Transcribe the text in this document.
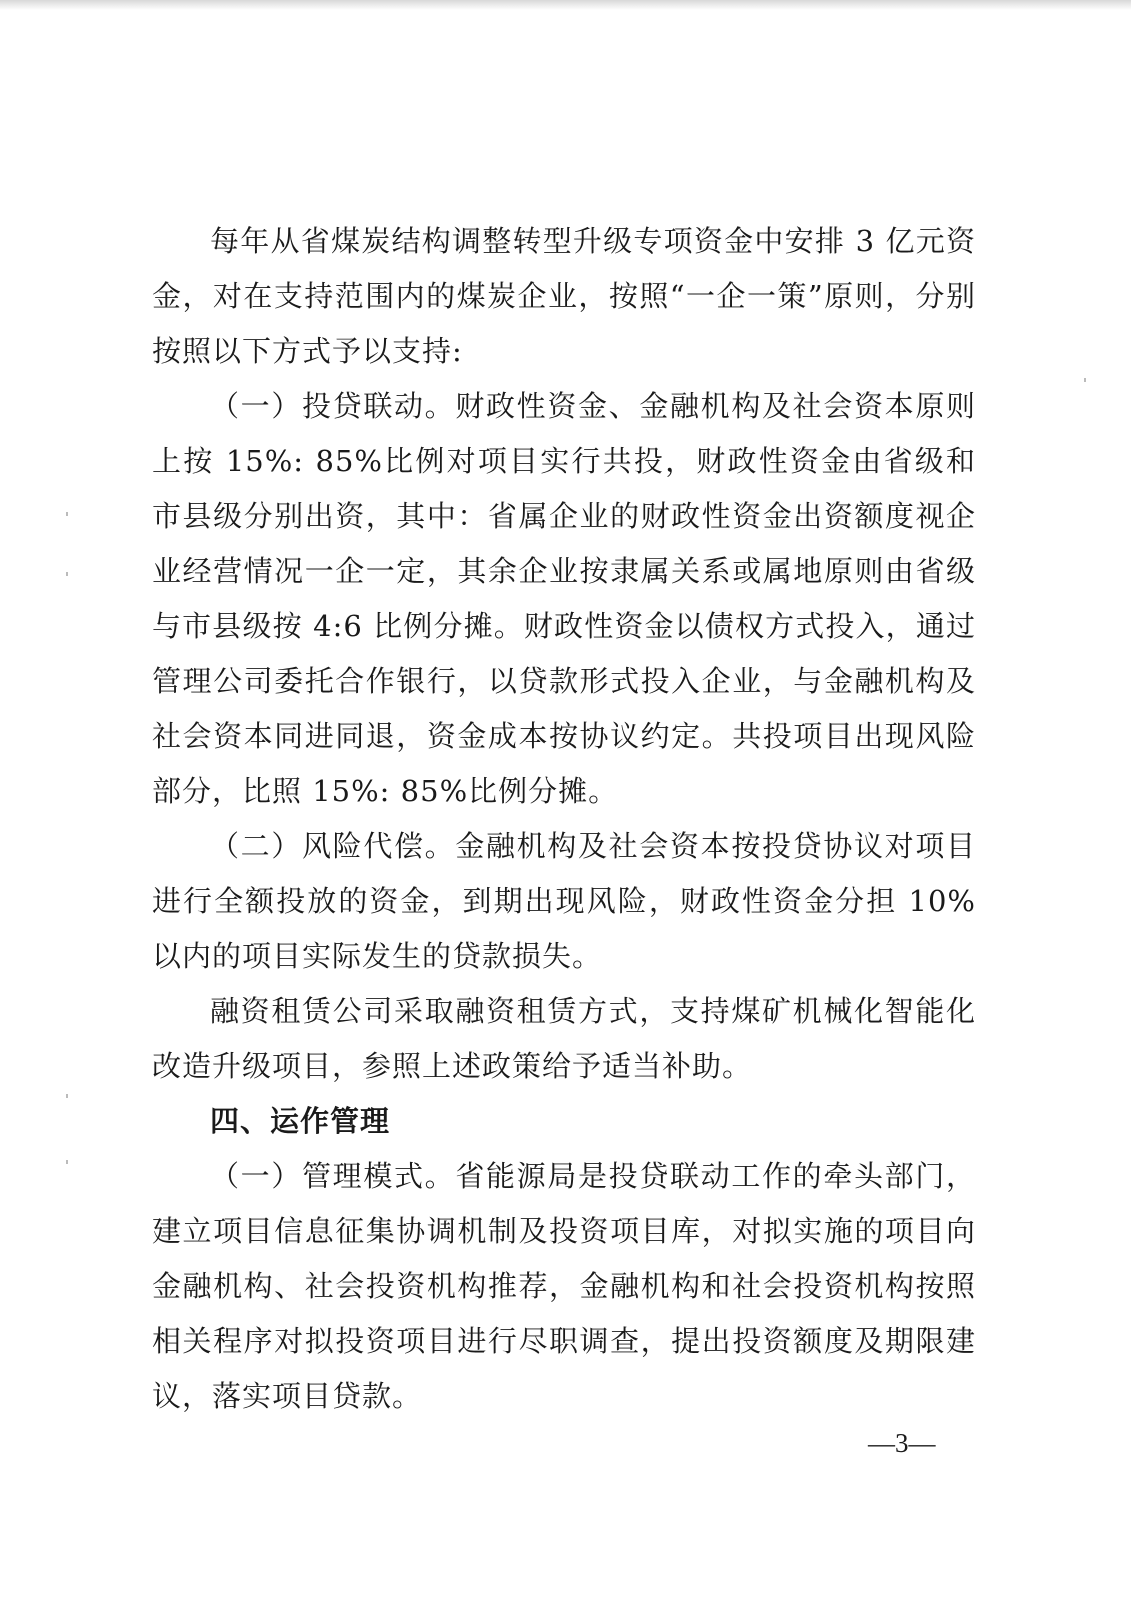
每年从省煤炭结构调整转型升级专项资金中安排 3 亿元资金，对在支持范围内的煤炭企业，按照“一企一策”原则，分别按照以下方式予以支持:

（一）投贷联动。财政性资金、金融机构及社会资本原则上按 15%: 85%比例对项目实行共投，财政性资金由省级和市县级分别出资，其中：省属企业的财政性资金出资额度视企业经营情况一企一定，其余企业按隶属关系或属地原则由省级与市县级按 4:6 比例分摊。财政性资金以债权方式投入，通过管理公司委托合作银行，以贷款形式投入企业，与金融机构及社会资本同进同退，资金成本按协议约定。共投项目出现风险部分，比照 15%: 85%比例分摊。

（二）风险代偿。金融机构及社会资本按投贷协议对项目进行全额投放的资金，到期出现风险，财政性资金分担 10%以内的项目实际发生的贷款损失。

融资租赁公司采取融资租赁方式，支持煤矿机械化智能化改造升级项目，参照上述政策给予适当补助。

四、运作管理

（一）管理模式。省能源局是投贷联动工作的牵头部门，建立项目信息征集协调机制及投资项目库，对拟实施的项目向金融机构、社会投资机构推荐，金融机构和社会投资机构按照相关程序对拟投资项目进行尽职调查，提出投资额度及期限建议，落实项目贷款。

—3—
